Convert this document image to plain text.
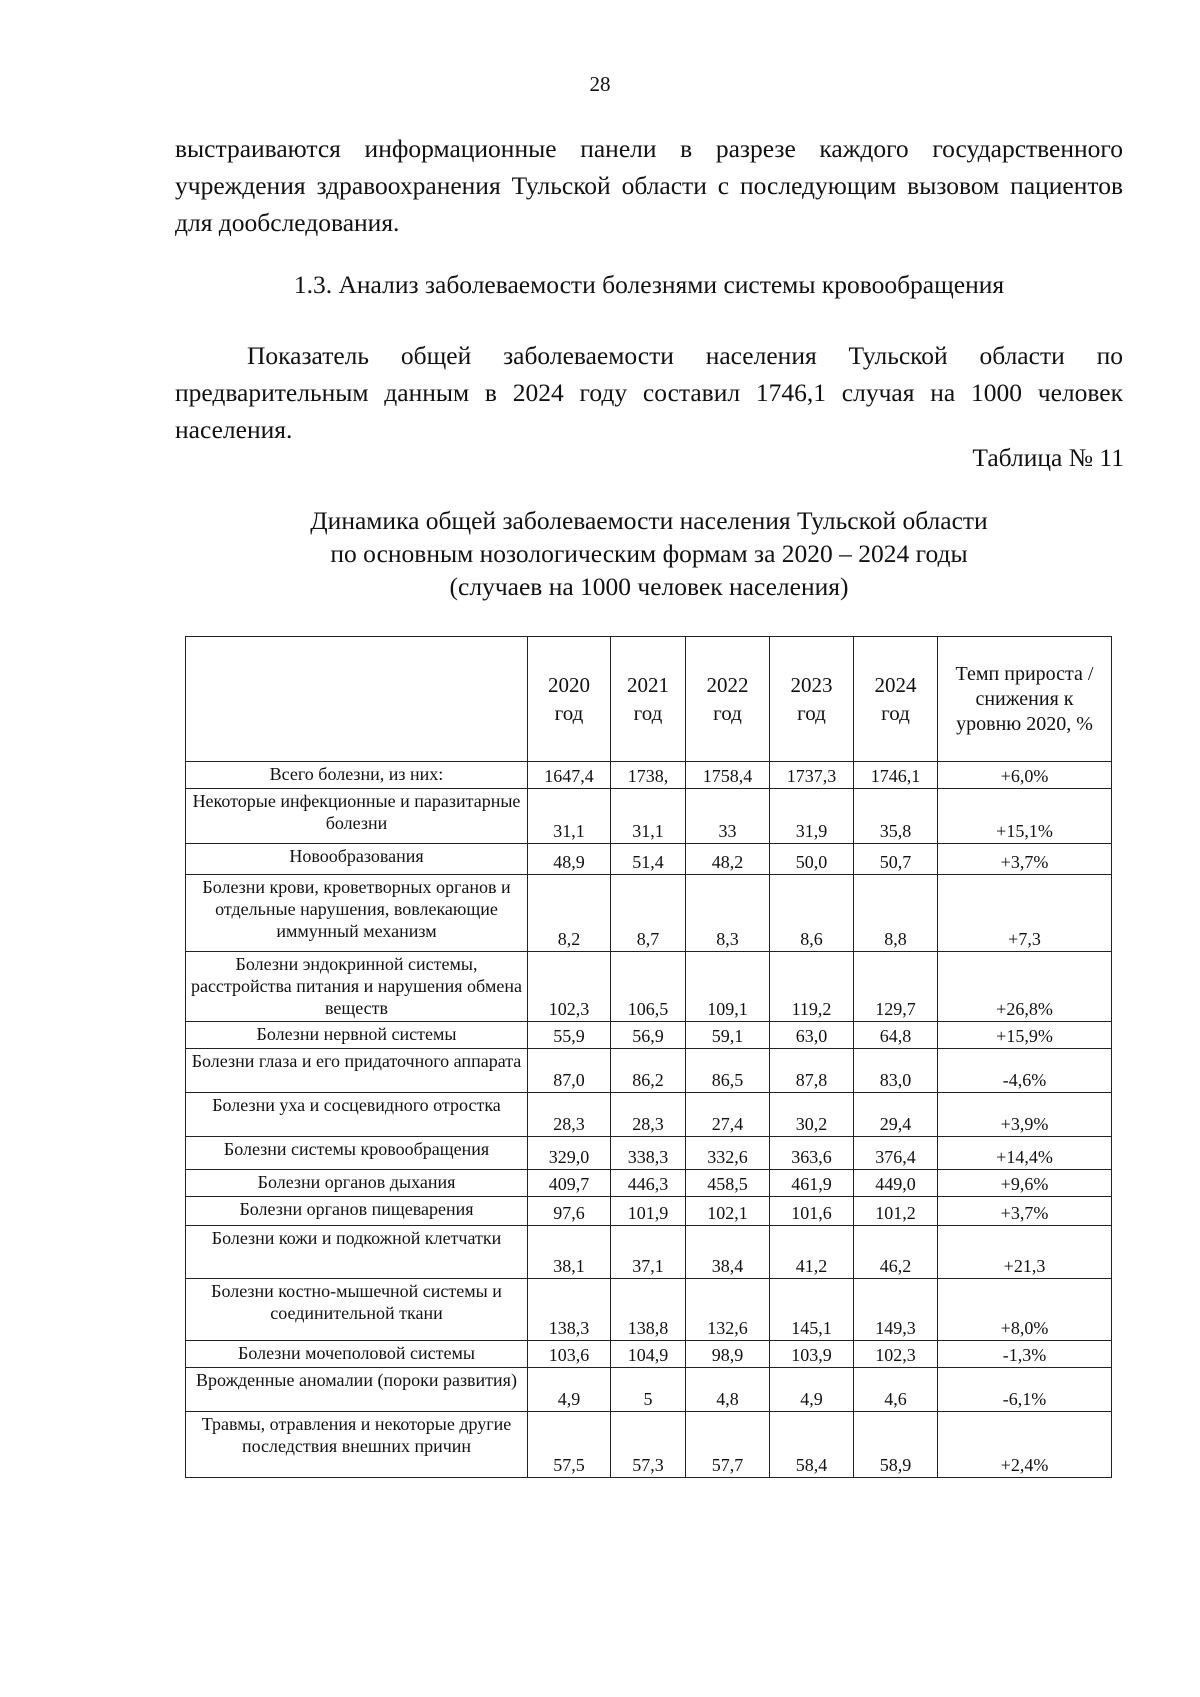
28

выстраиваются информационные панели в разрезе каждого государственного учреждения здравоохранения Тульской области с последующим вызовом пациентов для дообследования.

1.3. Анализ заболеваемости болезнями системы кровообращения

Показатель общей заболеваемости населения Тульской области по предварительным данным в 2024 году составил 1746,1 случая на 1000 человек населения.

Таблица № 11
Динамика общей заболеваемости населения Тульской области
по основным нозологическим формам за 2020 – 2024 годы
(случаев на 1000 человек населения)
	2020 год	2021 год	2022 год	2023 год	2024 год	Темп прироста /снижения к уровню 2020, %
Всего болезни, из них:	1647,4	1738,	1758,4	1737,3	1746,1	+6,0%
Некоторые инфекционные и паразитарные болезни	31,1	31,1	33	31,9	35,8	+15,1%
Новообразования	48,9	51,4	48,2	50,0	50,7	+3,7%
Болезни крови, кроветворных органов и отдельные нарушения, вовлекающие иммунный механизм	8,2	8,7	8,3	8,6	8,8	+7,3
Болезни эндокринной системы, расстройства питания и нарушения обмена веществ	102,3	106,5	109,1	119,2	129,7	+26,8%
Болезни нервной системы	55,9	56,9	59,1	63,0	64,8	+15,9%
Болезни глаза и его придаточного аппарата	87,0	86,2	86,5	87,8	83,0	-4,6%
Болезни уха и сосцевидного отростка	28,3	28,3	27,4	30,2	29,4	+3,9%
Болезни системы кровообращения	329,0	338,3	332,6	363,6	376,4	+14,4%
Болезни органов дыхания	409,7	446,3	458,5	461,9	449,0	+9,6%
Болезни органов пищеварения	97,6	101,9	102,1	101,6	101,2	+3,7%
Болезни кожи и подкожной клетчатки	38,1	37,1	38,4	41,2	46,2	+21,3
Болезни костно-мышечной системы и соединительной ткани	138,3	138,8	132,6	145,1	149,3	+8,0%
Болезни мочеполовой системы	103,6	104,9	98,9	103,9	102,3	-1,3%
Врожденные аномалии (пороки развития)	4,9	5	4,8	4,9	4,6	-6,1%
Травмы, отравления и некоторые другие последствия внешних причин	57,5	57,3	57,7	58,4	58,9	+2,4%
